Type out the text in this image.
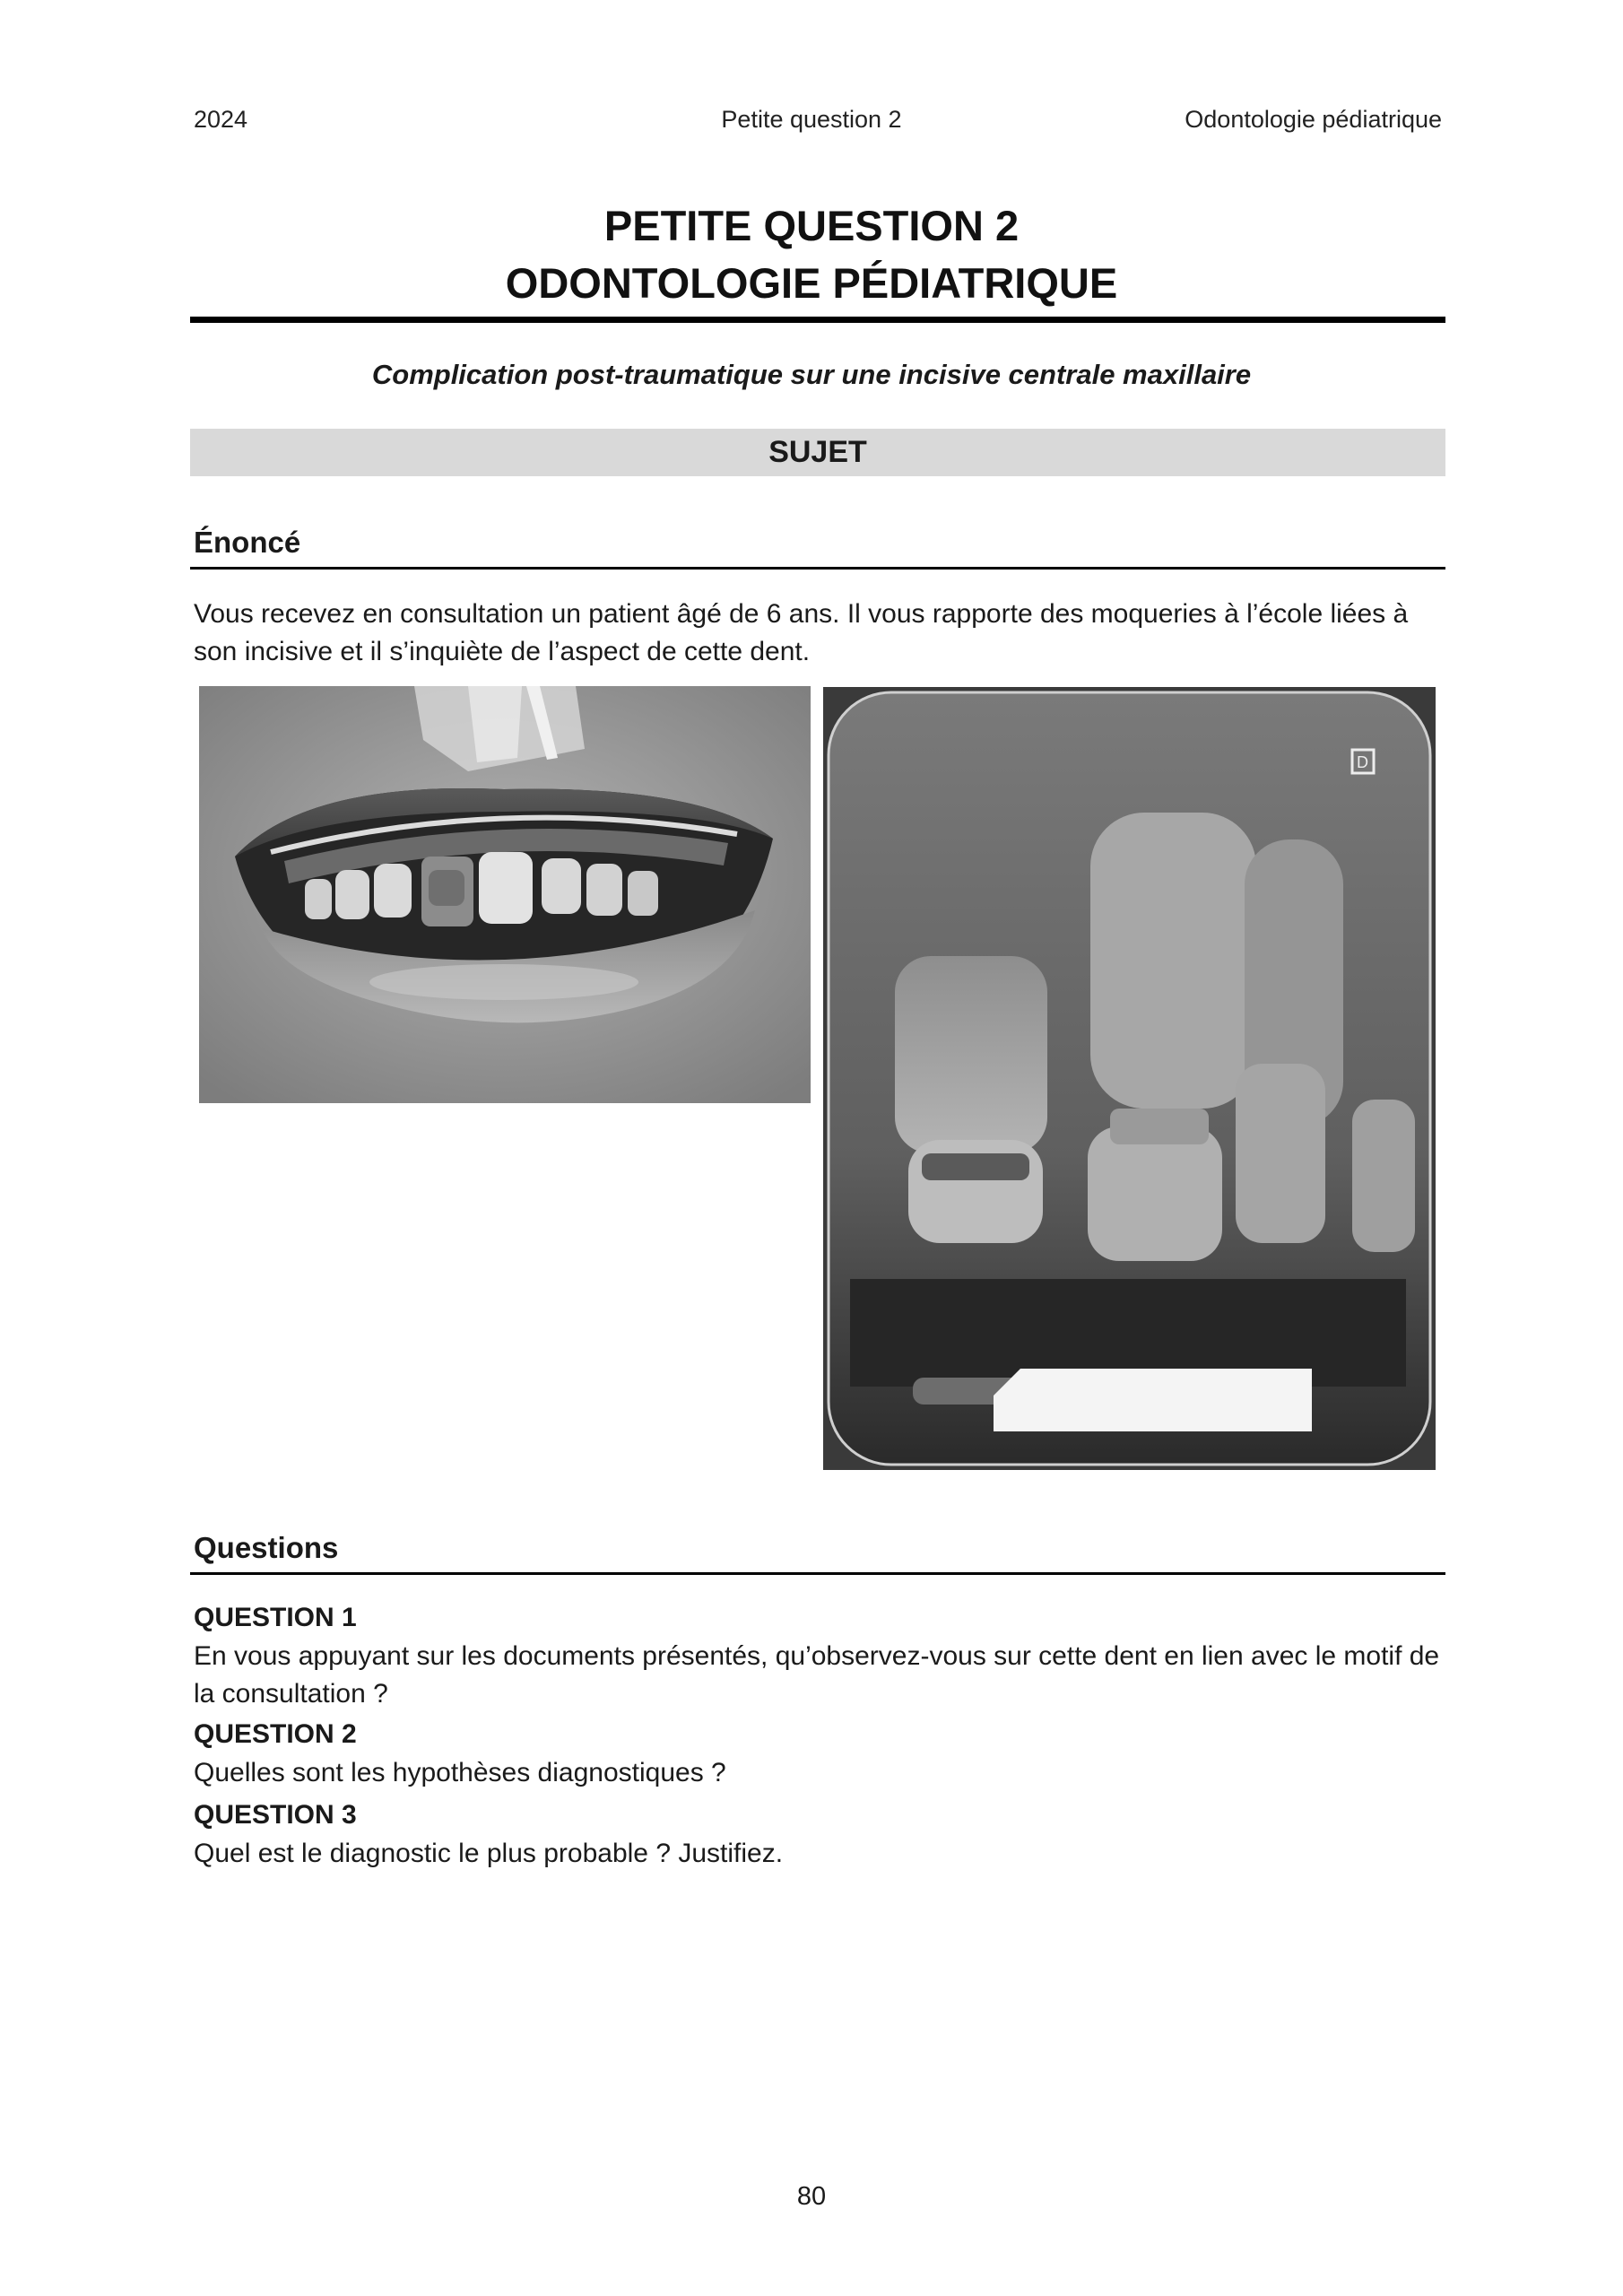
2024	Petite question 2	Odontologie pédiatrique
PETITE QUESTION 2
ODONTOLOGIE PÉDIATRIQUE
Complication post-traumatique sur une incisive centrale maxillaire
SUJET
Énoncé
Vous recevez en consultation un patient âgé de 6 ans. Il vous rapporte des moqueries à l’école liées à son incisive et il s’inquiète de l’aspect de cette dent.
D
Questions
QUESTION 1
En vous appuyant sur les documents présentés, qu’observez-vous sur cette dent en lien avec le motif de la consultation ?
QUESTION 2
Quelles sont les hypothèses diagnostiques ?
QUESTION 3
Quel est le diagnostic le plus probable ? Justifiez.
80
